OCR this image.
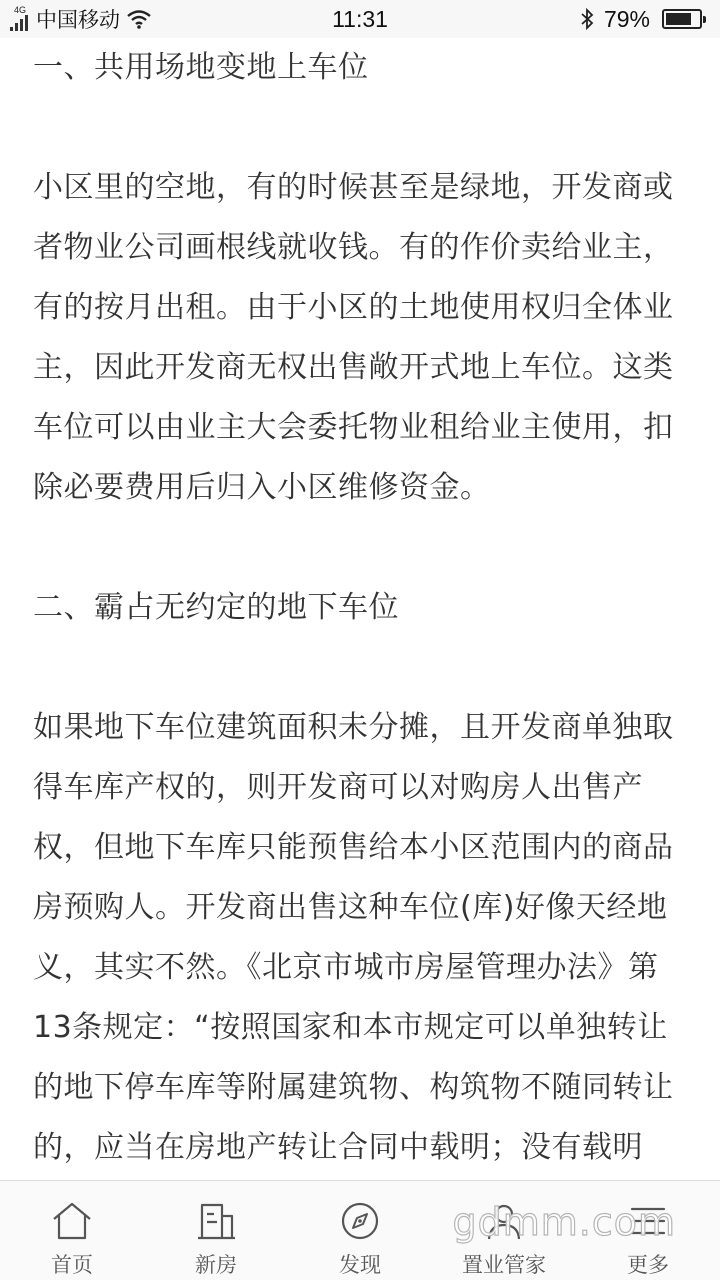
4G 中国移动	11:31	79%

一、共用场地变地上车位

小区里的空地，有的时候甚至是绿地，开发商或者物业公司画根线就收钱。有的作价卖给业主，有的按月出租。由于小区的土地使用权归全体业主，因此开发商无权出售敞开式地上车位。这类车位可以由业主大会委托物业租给业主使用，扣除必要费用后归入小区维修资金。

二、霸占无约定的地下车位

如果地下车位建筑面积未分摊，且开发商单独取得车库产权的，则开发商可以对购房人出售产权，但地下车库只能预售给本小区范围内的商品房预购人。开发商出售这种车位(库)好像天经地义，其实不然。《北京市城市房屋管理办法》第13条规定：“按照国家和本市规定可以单独转让的地下停车库等附属建筑物、构筑物不随同转让的，应当在房地产转让合同中载明；没有载明

首页	新房	发现	置业管家	更多
gdmm.com
